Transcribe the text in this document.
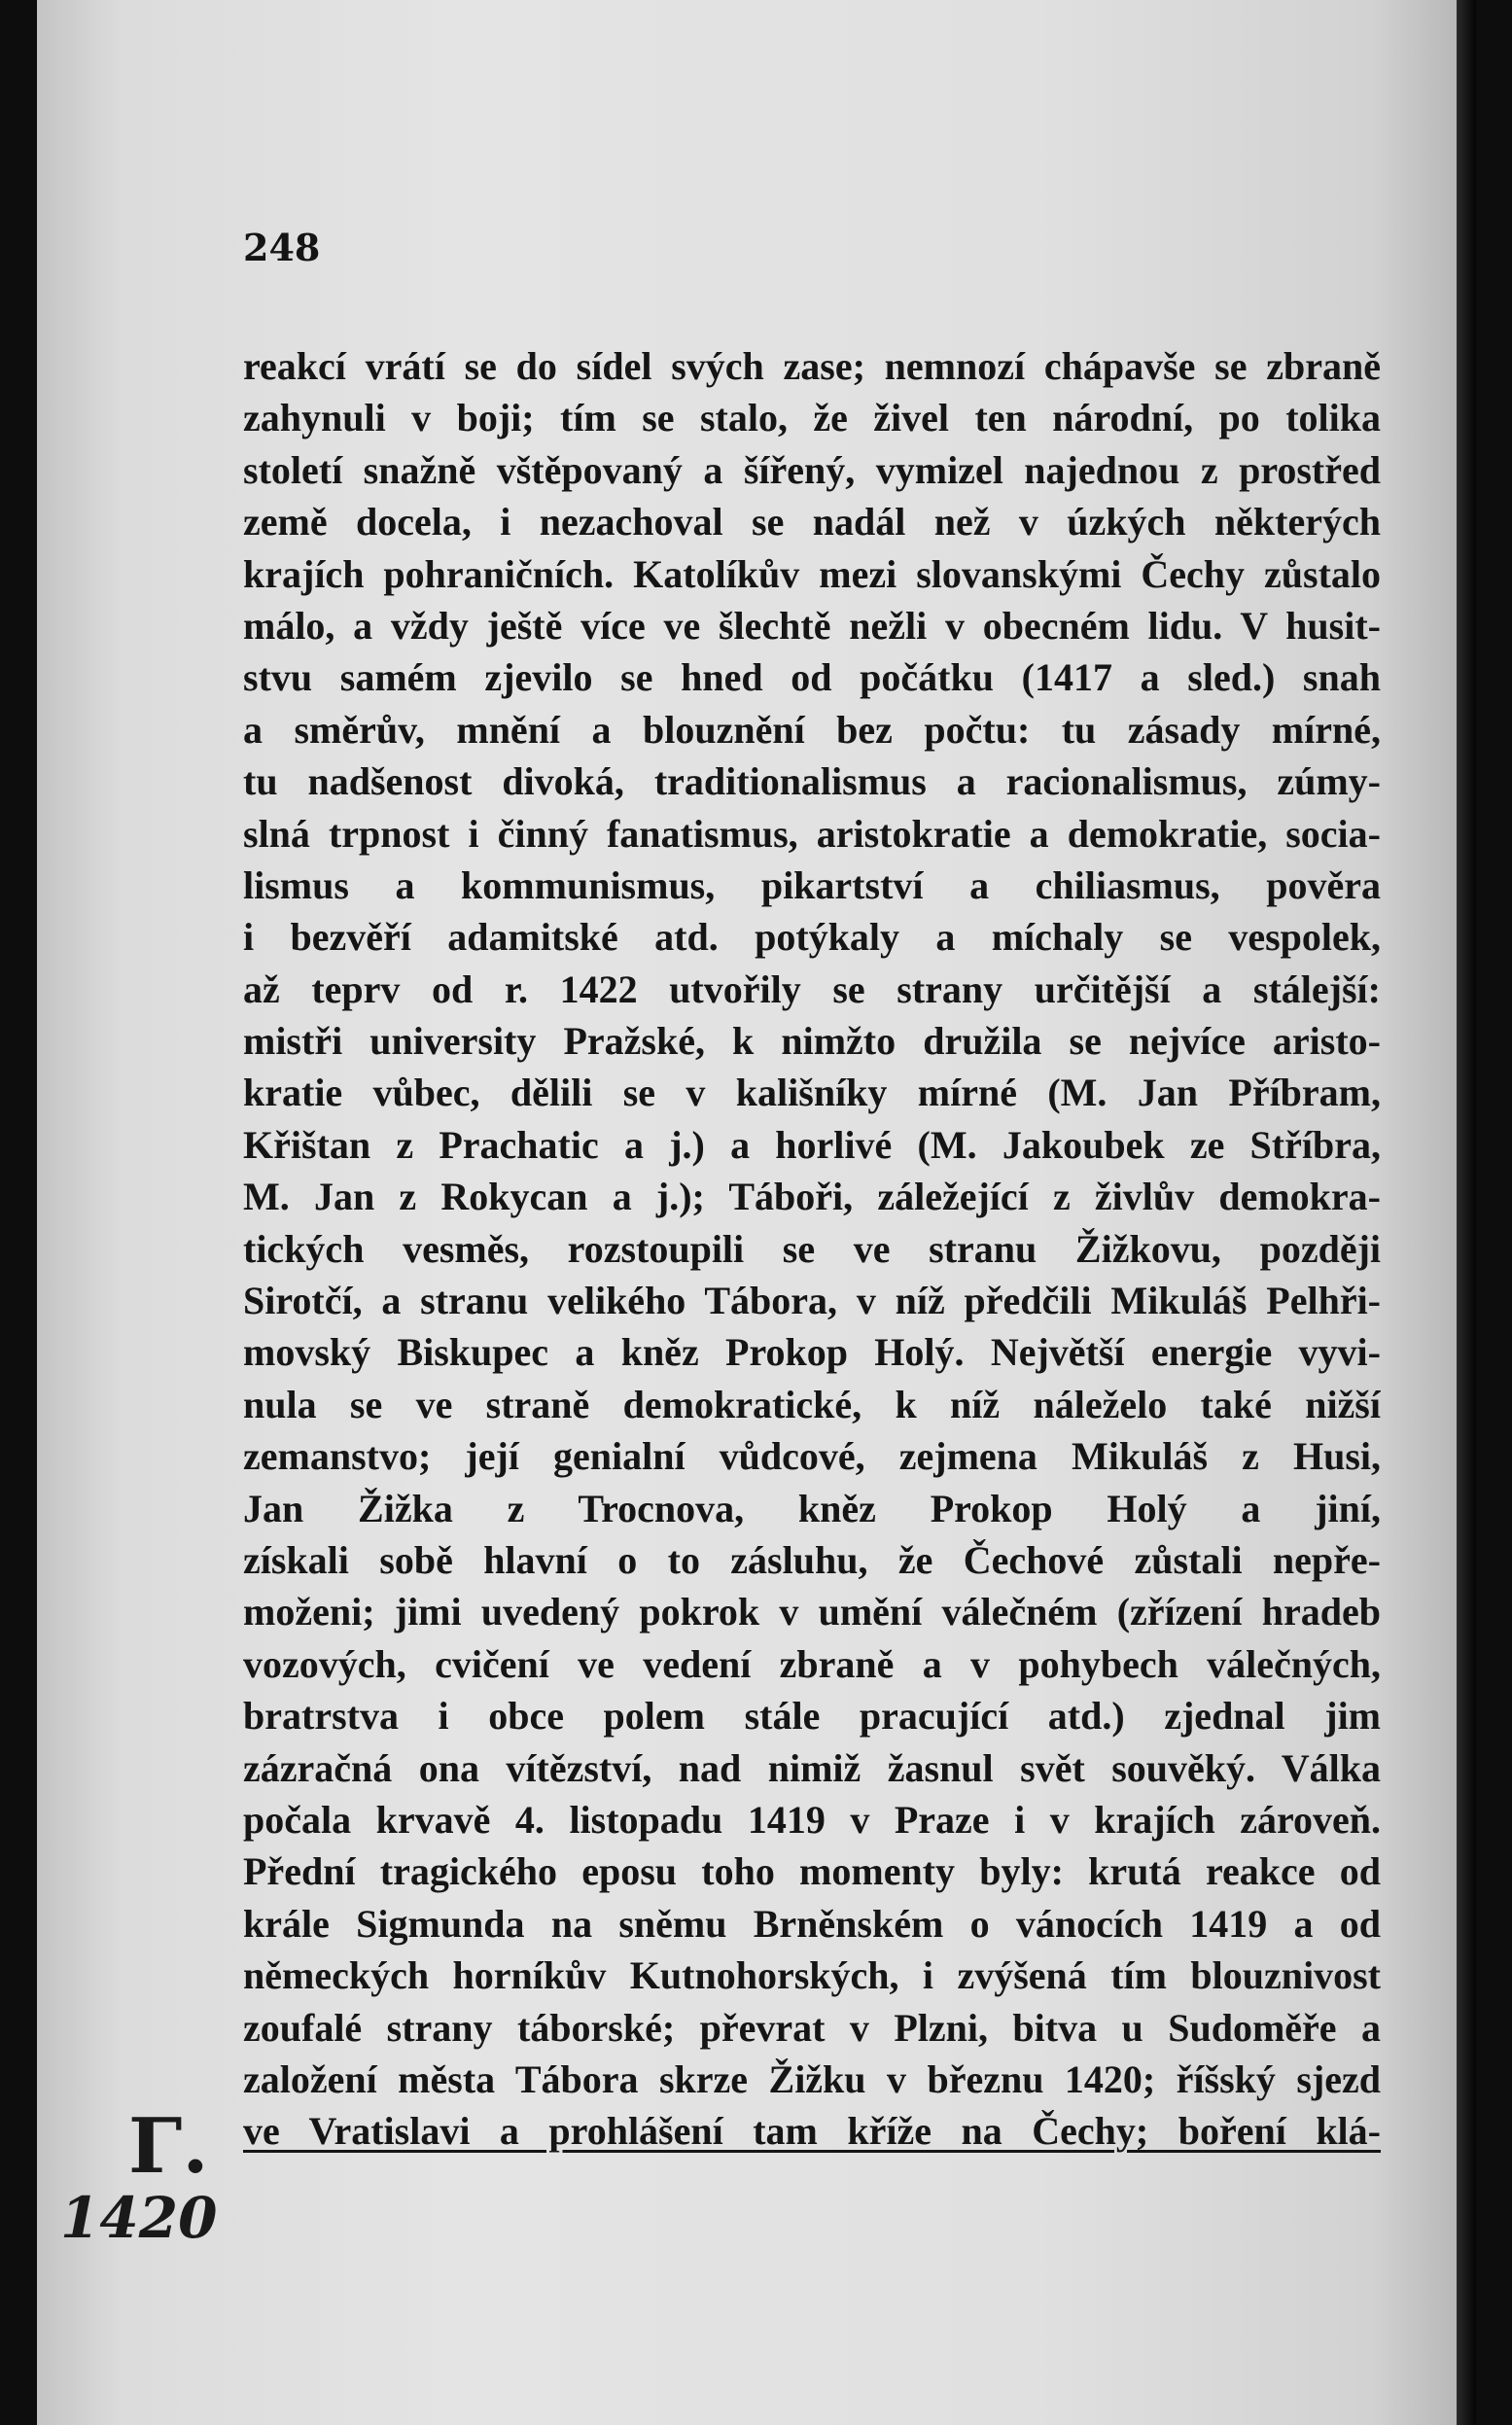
248
reakcí vrátí se do sídel svých zase; nemnozí chápavše se zbraně
zahynuli v boji; tím se stalo, že živel ten národní, po tolika
století snažně vštěpovaný a šířený, vymizel najednou z prostřed
země docela, i nezachoval se nadál než v úzkých některých
krajích pohraničních. Katolíkův mezi slovanskými Čechy zůstalo
málo, a vždy ještě více ve šlechtě nežli v obecném lidu. V husit-
stvu samém zjevilo se hned od počátku (1417 a sled.) snah
a směrův, mnění a blouznění bez počtu: tu zásady mírné,
tu nadšenost divoká, traditionalismus a racionalismus, zúmy-
slná trpnost i činný fanatismus, aristokratie a demokratie, socia-
lismus a kommunismus, pikartství a chiliasmus, pověra
i bezvěří adamitské atd. potýkaly a míchaly se vespolek,
až teprv od r. 1422 utvořily se strany určitější a stálejší:
mistři university Pražské, k nimžto družila se nejvíce aristo-
kratie vůbec, dělili se v kališníky mírné (M. Jan Příbram,
Křištan z Prachatic a j.) a horlivé (M. Jakoubek ze Stříbra,
M. Jan z Rokycan a j.); Táboři, záležející z živlův demokra-
tických vesměs, rozstoupili se ve stranu Žižkovu, později
Sirotčí, a stranu velikého Tábora, v níž předčili Mikuláš Pelhři-
movský Biskupec a kněz Prokop Holý. Největší energie vyvi-
nula se ve straně demokratické, k níž náleželo také nižší
zemanstvo; její genialní vůdcové, zejmena Mikuláš z Husi,
Jan Žižka z Trocnova, kněz Prokop Holý a jiní,
získali sobě hlavní o to zásluhu, že Čechové zůstali nepře-
moženi; jimi uvedený pokrok v umění válečném (zřízení hradeb
vozových, cvičení ve vedení zbraně a v pohybech válečných,
bratrstva i obce polem stále pracující atd.) zjednal jim
zázračná ona vítězství, nad nimiž žasnul svět souvěký. Válka
počala krvavě 4. listopadu 1419 v Praze i v krajích zároveň.
Přední tragického eposu toho momenty byly: krutá reakce od
krále Sigmunda na sněmu Brněnském o vánocích 1419 a od
německých horníkův Kutnohorských, i zvýšená tím blouznivost
zoufalé strany táborské; převrat v Plzni, bitva u Sudoměře a
založení města Tábora skrze Žižku v březnu 1420; říšský sjezd
ve Vratislavi a prohlášení tam kříže na Čechy; boření klá-
Γ.
1420
